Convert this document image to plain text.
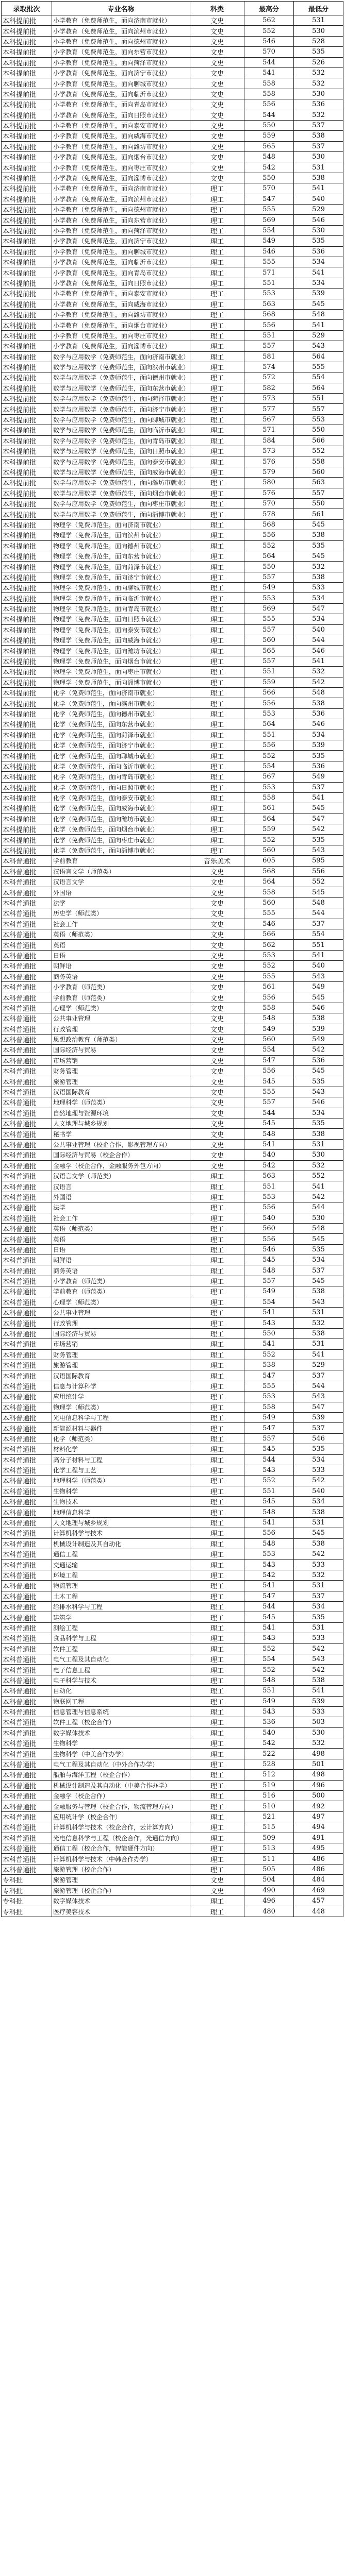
录取批次	专业名称	科类	最高分	最低分
本科提前批	小学教育（免费师范生，面向济南市就业）	文史	562	531
本科提前批	小学教育（免费师范生，面向滨州市就业）	文史	552	530
本科提前批	小学教育（免费师范生，面向德州市就业）	文史	546	528
本科提前批	小学教育（免费师范生，面向东营市就业）	文史	570	535
本科提前批	小学教育（免费师范生，面向菏泽市就业）	文史	544	526
本科提前批	小学教育（免费师范生，面向济宁市就业）	文史	541	532
本科提前批	小学教育（免费师范生，面向聊城市就业）	文史	558	532
本科提前批	小学教育（免费师范生，面向临沂市就业）	文史	558	530
本科提前批	小学教育（免费师范生，面向青岛市就业）	文史	556	536
本科提前批	小学教育（免费师范生，面向日照市就业）	文史	544	532
本科提前批	小学教育（免费师范生，面向泰安市就业）	文史	550	537
本科提前批	小学教育（免费师范生，面向威海市就业）	文史	559	538
本科提前批	小学教育（免费师范生，面向潍坊市就业）	文史	565	537
本科提前批	小学教育（免费师范生，面向烟台市就业）	文史	548	530
本科提前批	小学教育（免费师范生，面向枣庄市就业）	文史	542	531
本科提前批	小学教育（免费师范生，面向淄博市就业）	文史	550	538
本科提前批	小学教育（免费师范生，面向济南市就业）	理工	570	541
本科提前批	小学教育（免费师范生，面向滨州市就业）	理工	547	540
本科提前批	小学教育（免费师范生，面向德州市就业）	理工	555	529
本科提前批	小学教育（免费师范生，面向东营市就业）	理工	569	546
本科提前批	小学教育（免费师范生，面向菏泽市就业）	理工	554	530
本科提前批	小学教育（免费师范生，面向济宁市就业）	理工	549	535
本科提前批	小学教育（免费师范生，面向聊城市就业）	理工	546	536
本科提前批	小学教育（免费师范生，面向临沂市就业）	理工	555	534
本科提前批	小学教育（免费师范生，面向青岛市就业）	理工	571	541
本科提前批	小学教育（免费师范生，面向日照市就业）	理工	551	534
本科提前批	小学教育（免费师范生，面向泰安市就业）	理工	553	539
本科提前批	小学教育（免费师范生，面向威海市就业）	理工	563	545
本科提前批	小学教育（免费师范生，面向潍坊市就业）	理工	568	548
本科提前批	小学教育（免费师范生，面向烟台市就业）	理工	556	541
本科提前批	小学教育（免费师范生，面向枣庄市就业）	理工	551	529
本科提前批	小学教育（免费师范生，面向淄博市就业）	理工	557	543
本科提前批	数学与应用数学（免费师范生，面向济南市就业）	理工	581	564
本科提前批	数学与应用数学（免费师范生，面向滨州市就业）	理工	574	555
本科提前批	数学与应用数学（免费师范生，面向德州市就业）	理工	572	554
本科提前批	数学与应用数学（免费师范生，面向东营市就业）	理工	582	564
本科提前批	数学与应用数学（免费师范生，面向菏泽市就业）	理工	573	551
本科提前批	数学与应用数学（免费师范生，面向济宁市就业）	理工	577	557
本科提前批	数学与应用数学（免费师范生，面向聊城市就业）	理工	567	553
本科提前批	数学与应用数学（免费师范生，面向临沂市就业）	理工	571	550
本科提前批	数学与应用数学（免费师范生，面向青岛市就业）	理工	584	566
本科提前批	数学与应用数学（免费师范生，面向日照市就业）	理工	573	552
本科提前批	数学与应用数学（免费师范生，面向泰安市就业）	理工	576	558
本科提前批	数学与应用数学（免费师范生，面向威海市就业）	理工	579	560
本科提前批	数学与应用数学（免费师范生，面向潍坊市就业）	理工	580	563
本科提前批	数学与应用数学（免费师范生，面向烟台市就业）	理工	576	557
本科提前批	数学与应用数学（免费师范生，面向枣庄市就业）	理工	570	550
本科提前批	数学与应用数学（免费师范生，面向淄博市就业）	理工	578	561
本科提前批	物理学（免费师范生，面向济南市就业）	理工	568	545
本科提前批	物理学（免费师范生，面向滨州市就业）	理工	556	538
本科提前批	物理学（免费师范生，面向德州市就业）	理工	552	535
本科提前批	物理学（免费师范生，面向东营市就业）	理工	564	545
本科提前批	物理学（免费师范生，面向菏泽市就业）	理工	550	532
本科提前批	物理学（免费师范生，面向济宁市就业）	理工	557	538
本科提前批	物理学（免费师范生，面向聊城市就业）	理工	549	533
本科提前批	物理学（免费师范生，面向临沂市就业）	理工	553	534
本科提前批	物理学（免费师范生，面向青岛市就业）	理工	569	547
本科提前批	物理学（免费师范生，面向日照市就业）	理工	555	534
本科提前批	物理学（免费师范生，面向泰安市就业）	理工	557	540
本科提前批	物理学（免费师范生，面向威海市就业）	理工	560	544
本科提前批	物理学（免费师范生，面向潍坊市就业）	理工	565	546
本科提前批	物理学（免费师范生，面向烟台市就业）	理工	557	541
本科提前批	物理学（免费师范生，面向枣庄市就业）	理工	551	532
本科提前批	物理学（免费师范生，面向淄博市就业）	理工	559	542
本科提前批	化学（免费师范生，面向济南市就业）	理工	566	548
本科提前批	化学（免费师范生，面向滨州市就业）	理工	556	538
本科提前批	化学（免费师范生，面向德州市就业）	理工	553	536
本科提前批	化学（免费师范生，面向东营市就业）	理工	564	546
本科提前批	化学（免费师范生，面向菏泽市就业）	理工	551	534
本科提前批	化学（免费师范生，面向济宁市就业）	理工	556	539
本科提前批	化学（免费师范生，面向聊城市就业）	理工	552	535
本科提前批	化学（免费师范生，面向临沂市就业）	理工	554	536
本科提前批	化学（免费师范生，面向青岛市就业）	理工	567	549
本科提前批	化学（免费师范生，面向日照市就业）	理工	553	537
本科提前批	化学（免费师范生，面向泰安市就业）	理工	558	541
本科提前批	化学（免费师范生，面向威海市就业）	理工	561	545
本科提前批	化学（免费师范生，面向潍坊市就业）	理工	564	547
本科提前批	化学（免费师范生，面向烟台市就业）	理工	559	542
本科提前批	化学（免费师范生，面向枣庄市就业）	理工	552	535
本科提前批	化学（免费师范生，面向淄博市就业）	理工	560	543
本科普通批	学前教育	音乐美术	605	595
本科普通批	汉语言文学（师范类）	文史	568	556
本科普通批	汉语言文学	文史	564	552
本科普通批	外国语	文史	558	545
本科普通批	法学	文史	560	548
本科普通批	历史学（师范类）	文史	555	544
本科普通批	社会工作	文史	546	537
本科普通批	英语（师范类）	文史	566	554
本科普通批	英语	文史	562	551
本科普通批	日语	文史	553	541
本科普通批	朝鲜语	文史	552	540
本科普通批	商务英语	文史	555	543
本科普通批	小学教育（师范类）	文史	561	549
本科普通批	学前教育（师范类）	文史	556	545
本科普通批	心理学（师范类）	文史	558	546
本科普通批	公共事业管理	文史	548	538
本科普通批	行政管理	文史	549	539
本科普通批	思想政治教育（师范类）	文史	560	549
本科普通批	国际经济与贸易	文史	554	542
本科普通批	市场营销	文史	547	536
本科普通批	财务管理	文史	556	545
本科普通批	旅游管理	文史	545	535
本科普通批	汉语国际教育	文史	555	543
本科普通批	地理科学（师范类）	文史	557	546
本科普通批	自然地理与资源环境	文史	544	534
本科普通批	人文地理与城乡规划	文史	545	535
本科普通批	秘书学	文史	548	538
本科普通批	公共事业管理（校企合作，影视管理方向）	文史	541	531
本科普通批	国际经济与贸易（校企合作）	文史	540	530
本科普通批	金融学（校企合作，金融服务外包方向）	文史	542	532
本科普通批	汉语言文学（师范类）	理工	563	552
本科普通批	汉语言	理工	551	541
本科普通批	外国语	理工	553	542
本科普通批	法学	理工	556	544
本科普通批	社会工作	理工	540	530
本科普通批	英语（师范类）	理工	560	548
本科普通批	英语	理工	556	545
本科普通批	日语	理工	546	535
本科普通批	朝鲜语	理工	545	534
本科普通批	商务英语	理工	548	537
本科普通批	小学教育（师范类）	理工	557	545
本科普通批	学前教育（师范类）	理工	549	538
本科普通批	心理学（师范类）	理工	554	543
本科普通批	公共事业管理	理工	541	531
本科普通批	行政管理	理工	543	532
本科普通批	国际经济与贸易	理工	550	538
本科普通批	市场营销	理工	541	531
本科普通批	财务管理	理工	552	541
本科普通批	旅游管理	理工	538	529
本科普通批	汉语国际教育	理工	547	537
本科普通批	信息与计算科学	理工	555	544
本科普通批	应用统计学	理工	553	543
本科普通批	物理学（师范类）	理工	558	547
本科普通批	光电信息科学与工程	理工	549	539
本科普通批	新能源材料与器件	理工	547	537
本科普通批	化学（师范类）	理工	557	546
本科普通批	材料化学	理工	545	535
本科普通批	高分子材料与工程	理工	544	534
本科普通批	化学工程与工艺	理工	543	533
本科普通批	地理科学（师范类）	理工	552	542
本科普通批	生物科学	理工	551	540
本科普通批	生物技术	理工	545	534
本科普通批	地理信息科学	理工	548	538
本科普通批	人文地理与城乡规划	理工	541	531
本科普通批	计算机科学与技术	理工	556	545
本科普通批	机械设计制造及其自动化	理工	548	538
本科普通批	通信工程	理工	553	542
本科普通批	交通运输	理工	543	533
本科普通批	环境工程	理工	542	532
本科普通批	物流管理	理工	541	531
本科普通批	土木工程	理工	547	537
本科普通批	给排水科学与工程	理工	544	534
本科普通批	建筑学	理工	545	535
本科普通批	测绘工程	理工	541	531
本科普通批	食品科学与工程	理工	543	533
本科普通批	软件工程	理工	552	542
本科普通批	电气工程及其自动化	理工	554	543
本科普通批	电子信息工程	理工	552	542
本科普通批	电子科学与技术	理工	548	538
本科普通批	自动化	理工	551	541
本科普通批	物联网工程	理工	549	539
本科普通批	信息管理与信息系统	理工	543	533
本科普通批	软件工程（校企合作）	理工	536	503
本科普通批	数字媒体技术	理工	540	530
本科普通批	生物科学	理工	542	532
本科普通批	生物科学（中美合作办学）	理工	522	498
本科普通批	电气工程及其自动化（中外合作办学）	理工	528	501
本科普通批	船舶与海洋工程（校企合作）	理工	512	498
本科普通批	机械设计制造及其自动化（中美合作办学）	理工	519	496
本科普通批	金融学（校企合作）	理工	516	500
本科普通批	金融服务与管理（校企合作，物流管理方向）	理工	510	492
本科普通批	应用统计学（校企合作）	理工	521	497
本科普通批	计算机科学与技术（校企合作，云计算方向）	理工	515	494
本科普通批	光电信息科学与工程（校企合作，光通信方向）	理工	509	491
本科普通批	通信工程（校企合作，智能硬件方向）	理工	513	495
本科普通批	计算机科学与技术（中韩合作办学）	理工	511	486
本科普通批	旅游管理（校企合作）	理工	505	486
专科批	旅游管理	文史	504	484
专科批	旅游管理（校企合作）	文史	490	469
专科批	数字媒体技术	理工	496	457
专科批	医疗美容技术	理工	480	448
